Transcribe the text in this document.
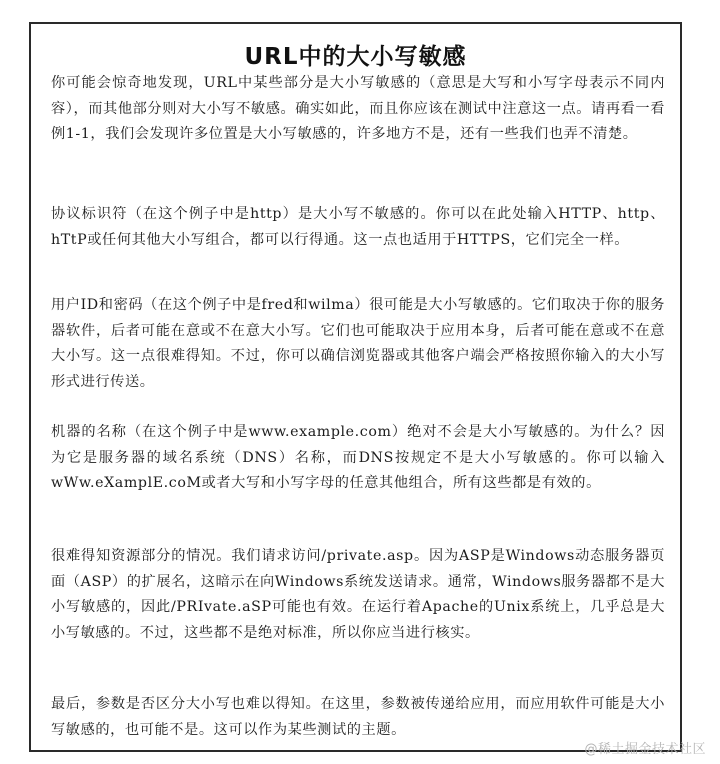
URL中的大小写敏感
你可能会惊奇地发现，URL中某些部分是大小写敏感的（意思是大写和小写字母表示不同内容），而其他部分则对大小写不敏感。确实如此，而且你应该在测试中注意这一点。请再看一看例1-1，我们会发现许多位置是大小写敏感的，许多地方不是，还有一些我们也弄不清楚。
协议标识符（在这个例子中是http）是大小写不敏感的。你可以在此处输入HTTP、http、hTtP或任何其他大小写组合，都可以行得通。这一点也适用于HTTPS，它们完全一样。
用户ID和密码（在这个例子中是fred和wilma）很可能是大小写敏感的。它们取决于你的服务器软件，后者可能在意或不在意大小写。它们也可能取决于应用本身，后者可能在意或不在意大小写。这一点很难得知。不过，你可以确信浏览器或其他客户端会严格按照你输入的大小写形式进行传送。
机器的名称（在这个例子中是www.example.com）绝对不会是大小写敏感的。为什么？因为它是服务器的域名系统（DNS）名称，而DNS按规定不是大小写敏感的。你可以输入wWw.eXamplE.coM或者大写和小写字母的任意其他组合，所有这些都是有效的。
很难得知资源部分的情况。我们请求访问/private.asp。因为ASP是Windows动态服务器页面（ASP）的扩展名，这暗示在向Windows系统发送请求。通常，Windows服务器都不是大小写敏感的，因此/PRIvate.aSP可能也有效。在运行着Apache的Unix系统上，几乎总是大小写敏感的。不过，这些都不是绝对标准，所以你应当进行核实。
最后，参数是否区分大小写也难以得知。在这里，参数被传递给应用，而应用软件可能是大小写敏感的，也可能不是。这可以作为某些测试的主题。
@稀土掘金技术社区
